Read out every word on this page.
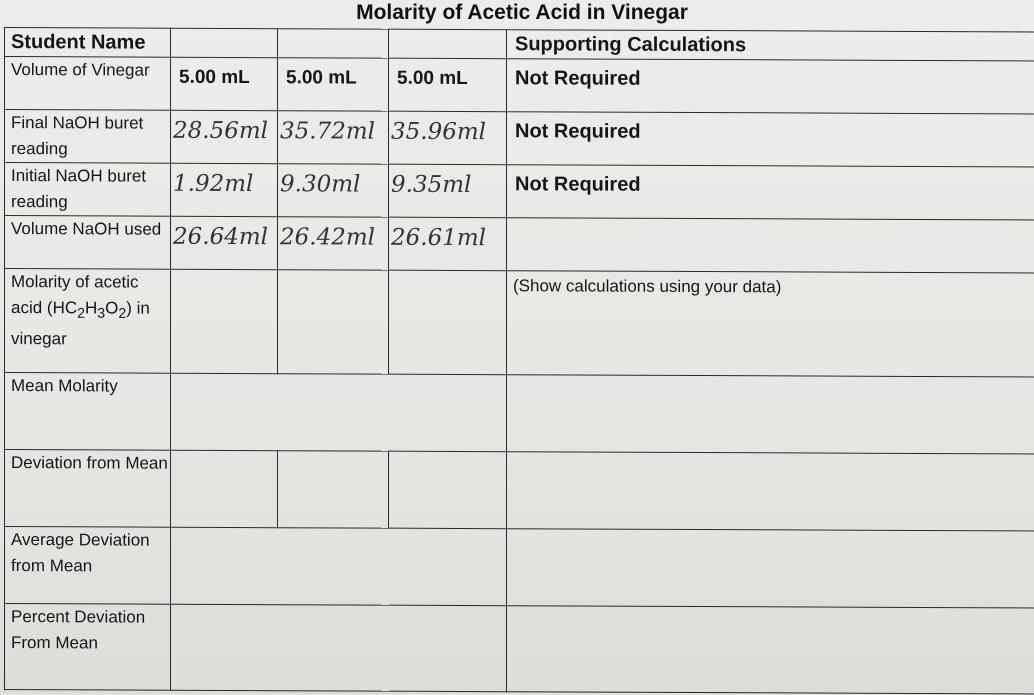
Molarity of Acetic Acid in Vinegar
Student Name				Supporting Calculations
Volume of Vinegar	5.00 mL	5.00 mL	5.00 mL	Not Required
Final NaOH buret reading	28.56ml	35.72ml	35.96ml	Not Required
Initial NaOH buret reading	1.92ml	9.30ml	9.35ml	Not Required
Volume NaOH used	26.64ml	26.42ml	26.61ml	
Molarity of acetic acid $(HC_2H_3O_2)$ in vinegar				(Show calculations using your data)
Mean Molarity				
Deviation from Mean				
Average Deviation from Mean				
Percent Deviation From Mean				
